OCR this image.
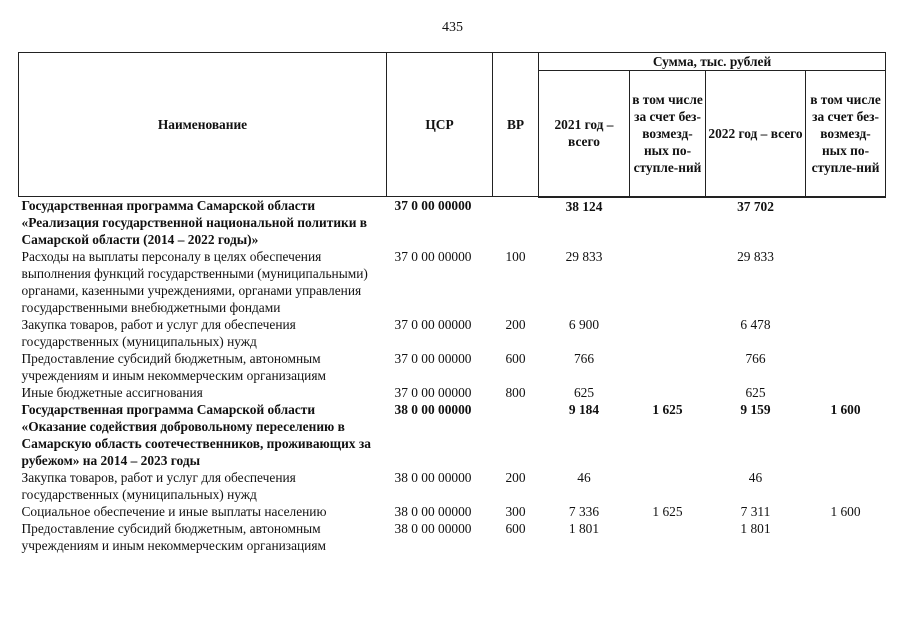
435
Наименование	ЦСР	ВР	Сумма, тыс. рублей			
			2021 год – всего	в том числе за счет без-возмезд-ных по-ступле-ний	2022 год – всего	в том числе за счет без-возмезд-ных по-ступле-ний
Государственная программа Самарской области «Реализация государственной национальной политики в Самарской области (2014 – 2022 годы)»	37 0 00 00000		38 124		37 702	
Расходы на выплаты персоналу в целях обеспечения выполнения функций государственными (муниципальными) органами, казенными учреждениями, органами управления государственными внебюджетными фондами	37 0 00 00000	100	29 833		29 833	
Закупка товаров, работ и услуг для обеспечения государственных (муниципальных) нужд	37 0 00 00000	200	6 900		6 478	
Предоставление субсидий бюджетным, автономным учреждениям и иным некоммерческим организациям	37 0 00 00000	600	766		766	
Иные бюджетные ассигнования	37 0 00 00000	800	625		625	
Государственная программа Самарской области «Оказание содействия добровольному переселению в Самарскую область соотечественников, проживающих за рубежом» на 2014 – 2023 годы	38 0 00 00000		9 184	1 625	9 159	1 600
Закупка товаров, работ и услуг для обеспечения государственных (муниципальных) нужд	38 0 00 00000	200	46		46	
Социальное обеспечение и иные выплаты населению	38 0 00 00000	300	7 336	1 625	7 311	1 600
Предоставление субсидий бюджетным, автономным учреждениям и иным некоммерческим организациям	38 0 00 00000	600	1 801		1 801	
